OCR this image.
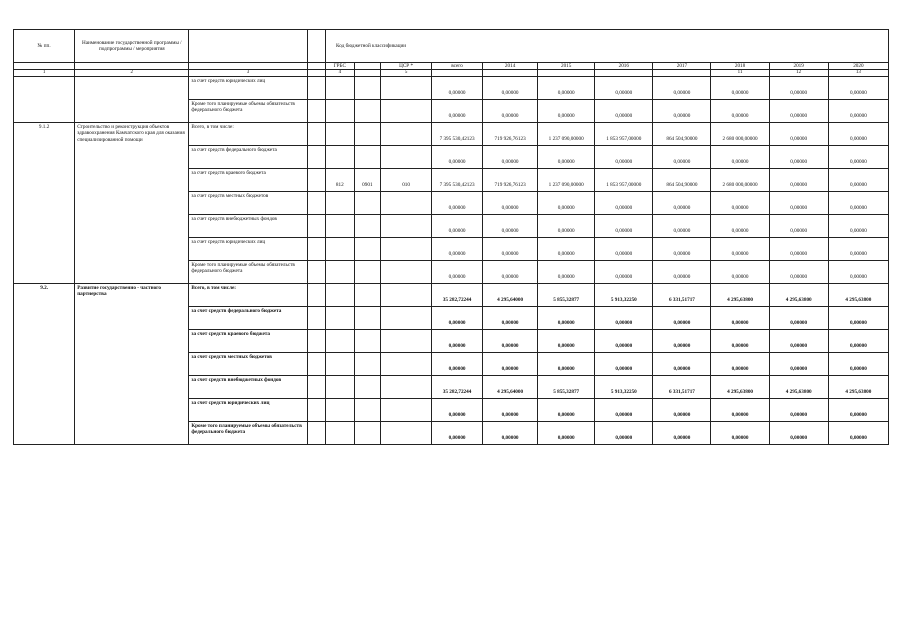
№ пп.	Наименование государственной программы / подпрограммы / мероприятия			Код бюджетной классификации										
				ГРБС		ЦСР *	всего	2014	2015	2016	2017	2018	2019	2020
1	2	3		4		5						11	12	13
		за счет средств юридических лиц					0,00000	0,00000	0,00000	0,00000	0,00000	0,00000	0,00000	0,00000
		Кроме того планируемые объемы обязательств федерального бюджета					0,00000	0,00000	0,00000	0,00000	0,00000	0,00000	0,00000	0,00000
9.1.2	Строительство и реконструкция объектов здравоохранения Камчатского края для оказания специализированной помощи	Всего, в том числе:					7 395 530,42123	719 926,76123	1 237 090,00000	1 853 957,00000	864 504,90000	2 680 000,00000	0,00000	0,00000
		за счет средств федерального бюджета					0,00000	0,00000	0,00000	0,00000	0,00000	0,00000	0,00000	0,00000
		за счет средств краевого бюджета		812	0901	010	7 395 530,42123	719 926,76123	1 237 090,00000	1 853 957,00000	864 504,90000	2 680 000,00000	0,00000	0,00000
		за счет средств местных бюджетов					0,00000	0,00000	0,00000	0,00000	0,00000	0,00000	0,00000	0,00000
		за счет средств внебюджетных фондов					0,00000	0,00000	0,00000	0,00000	0,00000	0,00000	0,00000	0,00000
		за счет средств юридических лиц					0,00000	0,00000	0,00000	0,00000	0,00000	0,00000	0,00000	0,00000
		Кроме того планируемые объемы обязательств федерального бюджета					0,00000	0,00000	0,00000	0,00000	0,00000	0,00000	0,00000	0,00000
9.2.	Развитие государственно - частного партнерства	Всего, в том числе:					35 282,72244	4 295,64000	5 855,32877	5 913,32250	6 331,51717	4 295,63800	4 295,63800	4 295,63800
		за счет средств федерального бюджета					0,00000	0,00000	0,00000	0,00000	0,00000	0,00000	0,00000	0,00000
		за счет средств краевого бюджета					0,00000	0,00000	0,00000	0,00000	0,00000	0,00000	0,00000	0,00000
		за счет средств местных бюджетов					0,00000	0,00000	0,00000	0,00000	0,00000	0,00000	0,00000	0,00000
		за счет средств внебюджетных фондов					35 282,72244	4 295,64000	5 855,32877	5 913,32250	6 331,51717	4 295,63800	4 295,63800	4 295,63800
		за счет средств юридических лиц					0,00000	0,00000	0,00000	0,00000	0,00000	0,00000	0,00000	0,00000
		Кроме того планируемые объемы обязательств федерального бюджета					0,00000	0,00000	0,00000	0,00000	0,00000	0,00000	0,00000	0,00000
